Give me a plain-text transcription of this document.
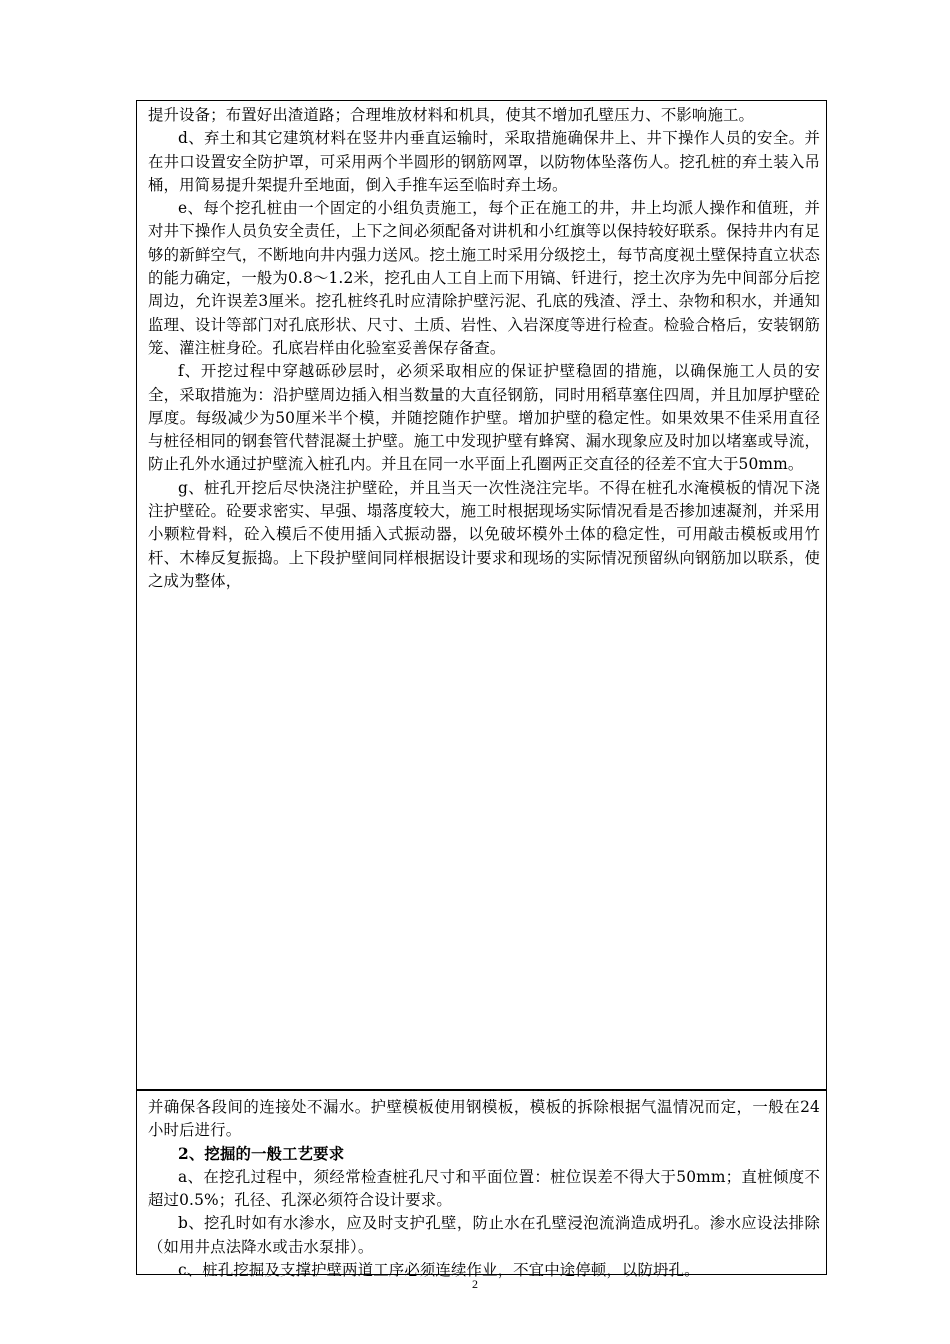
提升设备；布置好出渣道路；合理堆放材料和机具，使其不增加孔壁压力、不影响施工。

d、弃土和其它建筑材料在竖井内垂直运输时，采取措施确保井上、井下操作人员的安全。并在井口设置安全防护罩，可采用两个半圆形的钢筋网罩，以防物体坠落伤人。挖孔桩的弃土装入吊桶，用简易提升架提升至地面，倒入手推车运至临时弃土场。

e、每个挖孔桩由一个固定的小组负责施工，每个正在施工的井，井上均派人操作和值班，并对井下操作人员负安全责任，上下之间必须配备对讲机和小红旗等以保持较好联系。保持井内有足够的新鲜空气，不断地向井内强力送风。挖土施工时采用分级挖土，每节高度视土壁保持直立状态的能力确定，一般为0.8～1.2米，挖孔由人工自上而下用镐、钎进行，挖土次序为先中间部分后挖周边，允许误差3厘米。挖孔桩终孔时应清除护壁污泥、孔底的残渣、浮土、杂物和积水，并通知监理、设计等部门对孔底形状、尺寸、土质、岩性、入岩深度等进行检查。检验合格后，安装钢筋笼、灌注桩身砼。孔底岩样由化验室妥善保存备查。

f、开挖过程中穿越砾砂层时，必须采取相应的保证护壁稳固的措施，以确保施工人员的安全，采取措施为：沿护壁周边插入相当数量的大直径钢筋，同时用稻草塞住四周，并且加厚护壁砼厚度。每级减少为50厘米半个模，并随挖随作护壁。增加护壁的稳定性。如果效果不佳采用直径与桩径相同的钢套管代替混凝土护壁。施工中发现护壁有蜂窝、漏水现象应及时加以堵塞或导流，防止孔外水通过护壁流入桩孔内。并且在同一水平面上孔圈两正交直径的径差不宜大于50mm。

g、桩孔开挖后尽快浇注护壁砼，并且当天一次性浇注完毕。不得在桩孔水淹模板的情况下浇注护壁砼。砼要求密实、早强、塌落度较大，施工时根据现场实际情况看是否掺加速凝剂，并采用小颗粒骨料，砼入模后不使用插入式振动器，以免破坏模外土体的稳定性，可用敲击模板或用竹杆、木棒反复振捣。上下段护壁间同样根据设计要求和现场的实际情况预留纵向钢筋加以联系，使之成为整体，

并确保各段间的连接处不漏水。护壁模板使用钢模板，模板的拆除根据气温情况而定，一般在24小时后进行。

2、挖掘的一般工艺要求

a、在挖孔过程中，须经常检查桩孔尺寸和平面位置：桩位误差不得大于50mm；直桩倾度不超过0.5%；孔径、孔深必须符合设计要求。

b、挖孔时如有水渗水，应及时支护孔壁，防止水在孔壁浸泡流淌造成坍孔。渗水应设法排除（如用井点法降水或击水泵排）。

c、桩孔挖掘及支撑护壁两道工序必须连续作业，不宜中途停顿，以防坍孔。

2
